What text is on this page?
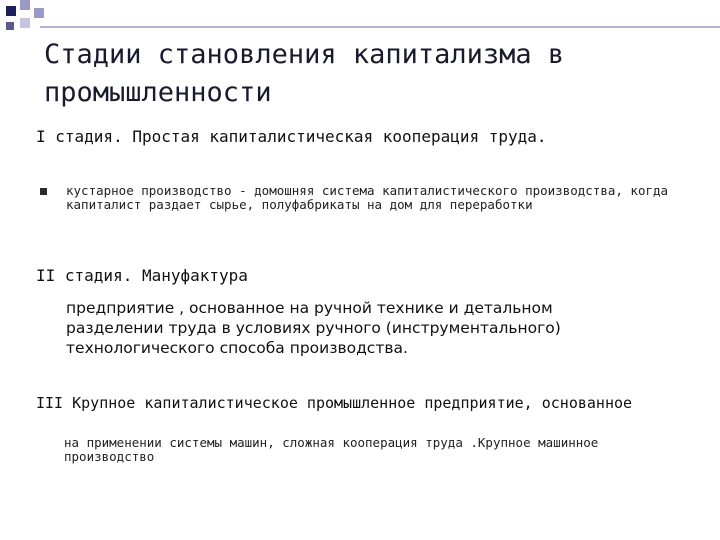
Стадии становления капитализма в промышленности
I стадия. Простая капиталистическая кооперация труда.
кустарное производство - домошняя система капиталистического производства, когда капиталист раздает сырье, полуфабрикаты на дом для переработки
II стадия. Мануфактура
предприятие , основанное на ручной технике и детальном разделении труда в условиях ручного (инструментального) технологического способа производства.
III Крупное капиталистическое промышленное предприятие, основанное
на применении системы машин, сложная кооперация труда .Крупное машинное производство
